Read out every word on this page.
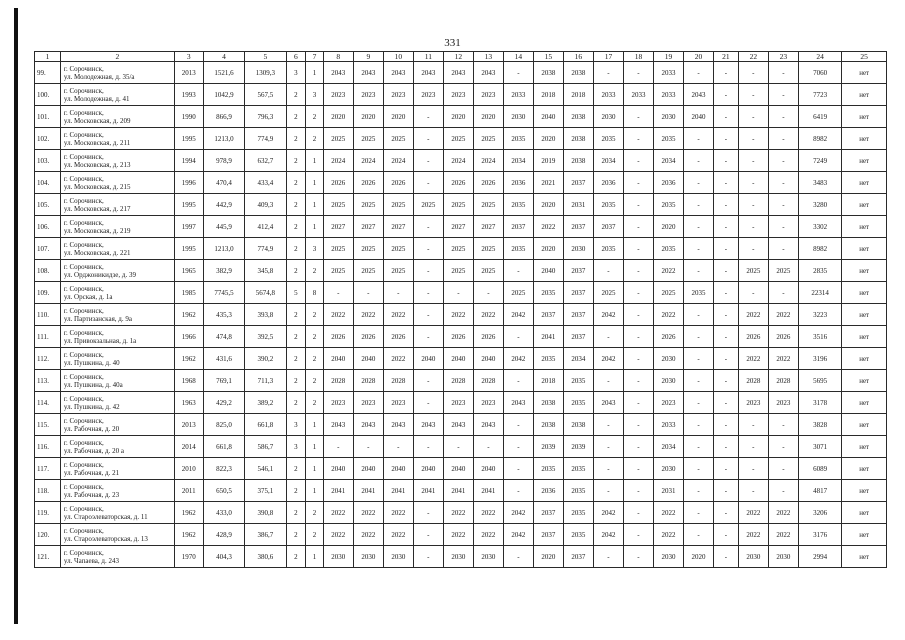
331
1	2	3	4	5	6	7	8	9	10	11	12	13	14	15	16	17	18	19	20	21	22	23	24	25
99.	г. Сорочинск,
ул. Молодежная, д. 35/а	2013	1521,6	1309,3	3	1	2043	2043	2043	2043	2043	2043	-	2038	2038	-	-	2033	-	-	-	-	7060	нет
100.	г. Сорочинск,
ул. Молодежная, д. 41	1993	1042,9	567,5	2	3	2023	2023	2023	2023	2023	2023	2033	2018	2018	2033	2033	2033	2043	-	-	-	7723	нет
101.	г. Сорочинск,
ул. Московская, д. 209	1990	866,9	796,3	2	2	2020	2020	2020	-	2020	2020	2030	2040	2038	2030	-	2030	2040	-	-	-	6419	нет
102.	г. Сорочинск,
ул. Московская, д. 211	1995	1213,0	774,9	2	2	2025	2025	2025	-	2025	2025	2035	2020	2038	2035	-	2035	-	-	-	-	8982	нет
103.	г. Сорочинск,
ул. Московская, д. 213	1994	978,9	632,7	2	1	2024	2024	2024	-	2024	2024	2034	2019	2038	2034	-	2034	-	-	-	-	7249	нет
104.	г. Сорочинск,
ул. Московская, д. 215	1996	470,4	433,4	2	1	2026	2026	2026	-	2026	2026	2036	2021	2037	2036	-	2036	-	-	-	-	3483	нет
105.	г. Сорочинск,
ул. Московская, д. 217	1995	442,9	409,3	2	1	2025	2025	2025	2025	2025	2025	2035	2020	2031	2035	-	2035	-	-	-	-	3280	нет
106.	г. Сорочинск,
ул. Московская, д. 219	1997	445,9	412,4	2	1	2027	2027	2027	-	2027	2027	2037	2022	2037	2037	-	2020	-	-	-	-	3302	нет
107.	г. Сорочинск,
ул. Московская, д. 221	1995	1213,0	774,9	2	3	2025	2025	2025	-	2025	2025	2035	2020	2030	2035	-	2035	-	-	-	-	8982	нет
108.	г. Сорочинск,
ул. Орджоникидзе, д. 39	1965	382,9	345,8	2	2	2025	2025	2025	-	2025	2025	-	2040	2037	-	-	2022	-	-	2025	2025	2835	нет
109.	г. Сорочинск,
ул. Орская, д. 1а	1985	7745,5	5674,8	5	8	-	-	-	-	-	-	2025	2035	2037	2025	-	2025	2035	-	-	-	22314	нет
110.	г. Сорочинск,
ул. Партизанская, д. 9а	1962	435,3	393,8	2	2	2022	2022	2022	-	2022	2022	2042	2037	2037	2042	-	2022	-	-	2022	2022	3223	нет
111.	г. Сорочинск,
ул. Привокзальная, д. 1а	1966	474,8	392,5	2	2	2026	2026	2026	-	2026	2026	-	2041	2037	-	-	2026	-	-	2026	2026	3516	нет
112.	г. Сорочинск,
ул. Пушкина, д. 40	1962	431,6	390,2	2	2	2040	2040	2022	2040	2040	2040	2042	2035	2034	2042	-	2030	-	-	2022	2022	3196	нет
113.	г. Сорочинск,
ул. Пушкина, д. 40а	1968	769,1	711,3	2	2	2028	2028	2028	-	2028	2028	-	2018	2035	-	-	2030	-	-	2028	2028	5695	нет
114.	г. Сорочинск,
ул. Пушкина, д. 42	1963	429,2	389,2	2	2	2023	2023	2023	-	2023	2023	2043	2038	2035	2043	-	2023	-	-	2023	2023	3178	нет
115.	г. Сорочинск,
ул. Рабочная, д. 20	2013	825,0	661,8	3	1	2043	2043	2043	2043	2043	2043	-	2038	2038	-	-	2033	-	-	-	-	3828	нет
116.	г. Сорочинск,
ул. Рабочная, д. 20 а	2014	661,8	586,7	3	1	-	-	-	-	-	-	-	2039	2039	-	-	2034	-	-	-	-	3071	нет
117.	г. Сорочинск,
ул. Рабочная, д. 21	2010	822,3	546,1	2	1	2040	2040	2040	2040	2040	2040	-	2035	2035	-	-	2030	-	-	-	-	6089	нет
118.	г. Сорочинск,
ул. Рабочная, д. 23	2011	650,5	375,1	2	1	2041	2041	2041	2041	2041	2041	-	2036	2035	-	-	2031	-	-	-	-	4817	нет
119.	г. Сорочинск,
ул. Староэлеваторская, д. 11	1962	433,0	390,8	2	2	2022	2022	2022	-	2022	2022	2042	2037	2035	2042	-	2022	-	-	2022	2022	3206	нет
120.	г. Сорочинск,
ул. Староэлеваторская, д. 13	1962	428,9	386,7	2	2	2022	2022	2022	-	2022	2022	2042	2037	2035	2042	-	2022	-	-	2022	2022	3176	нет
121.	г. Сорочинск,
ул. Чапаева, д. 243	1970	404,3	380,6	2	1	2030	2030	2030	-	2030	2030	-	2020	2037	-	-	2030	2020	-	2030	2030	2994	нет
